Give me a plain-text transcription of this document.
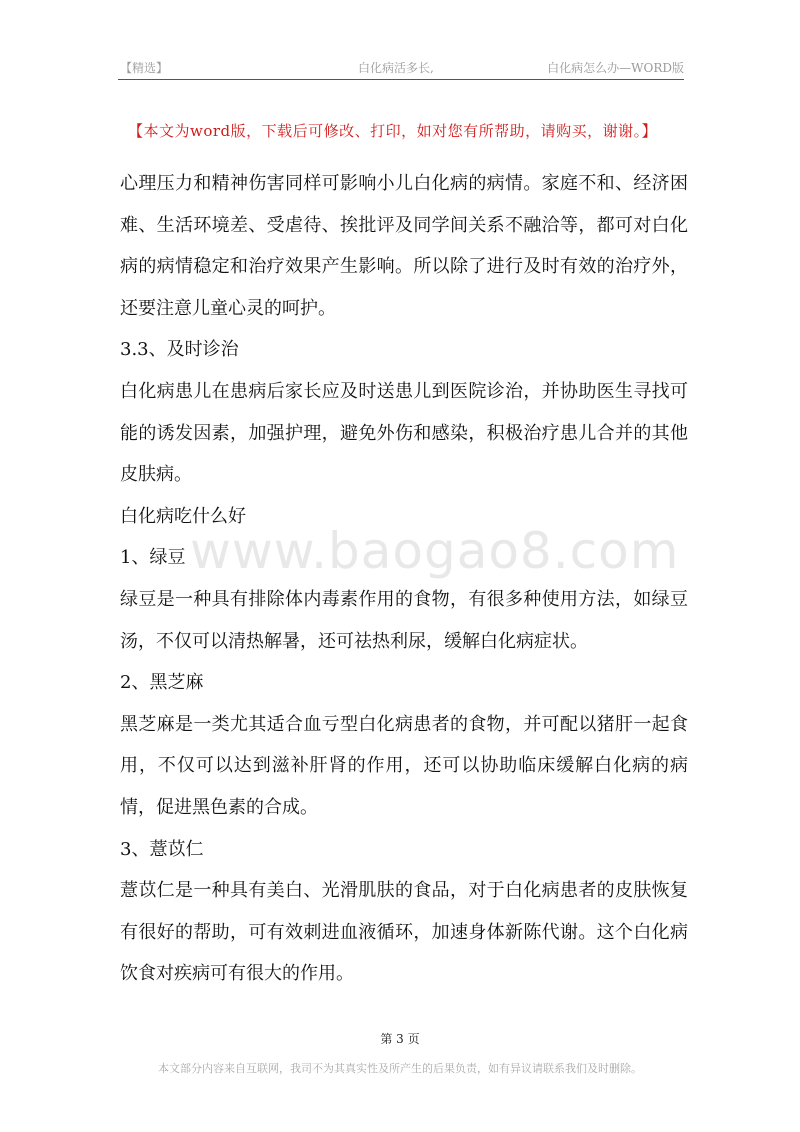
【精选】	白化病活多长,	白化病怎么办—WORD版
【本文为word版，下载后可修改、打印，如对您有所帮助，请购买，谢谢。】
www.baogao8.com

心理压力和精神伤害同样可影响小儿白化病的病情。家庭不和、经济困难、生活环境差、受虐待、挨批评及同学间关系不融洽等，都可对白化病的病情稳定和治疗效果产生影响。所以除了进行及时有效的治疗外，还要注意儿童心灵的呵护。

3.3、及时诊治

白化病患儿在患病后家长应及时送患儿到医院诊治，并协助医生寻找可能的诱发因素，加强护理，避免外伤和感染，积极治疗患儿合并的其他皮肤病。

白化病吃什么好

1、绿豆

绿豆是一种具有排除体内毒素作用的食物，有很多种使用方法，如绿豆汤，不仅可以清热解暑，还可祛热利尿，缓解白化病症状。

2、黑芝麻

黑芝麻是一类尤其适合血亏型白化病患者的食物，并可配以猪肝一起食用，不仅可以达到滋补肝肾的作用，还可以协助临床缓解白化病的病情，促进黑色素的合成。

3、薏苡仁

薏苡仁是一种具有美白、光滑肌肤的食品，对于白化病患者的皮肤恢复有很好的帮助，可有效刺进血液循环，加速身体新陈代谢。这个白化病饮食对疾病可有很大的作用。

第 3 页
本文部分内容来自互联网，我司不为其真实性及所产生的后果负责，如有异议请联系我们及时删除。
